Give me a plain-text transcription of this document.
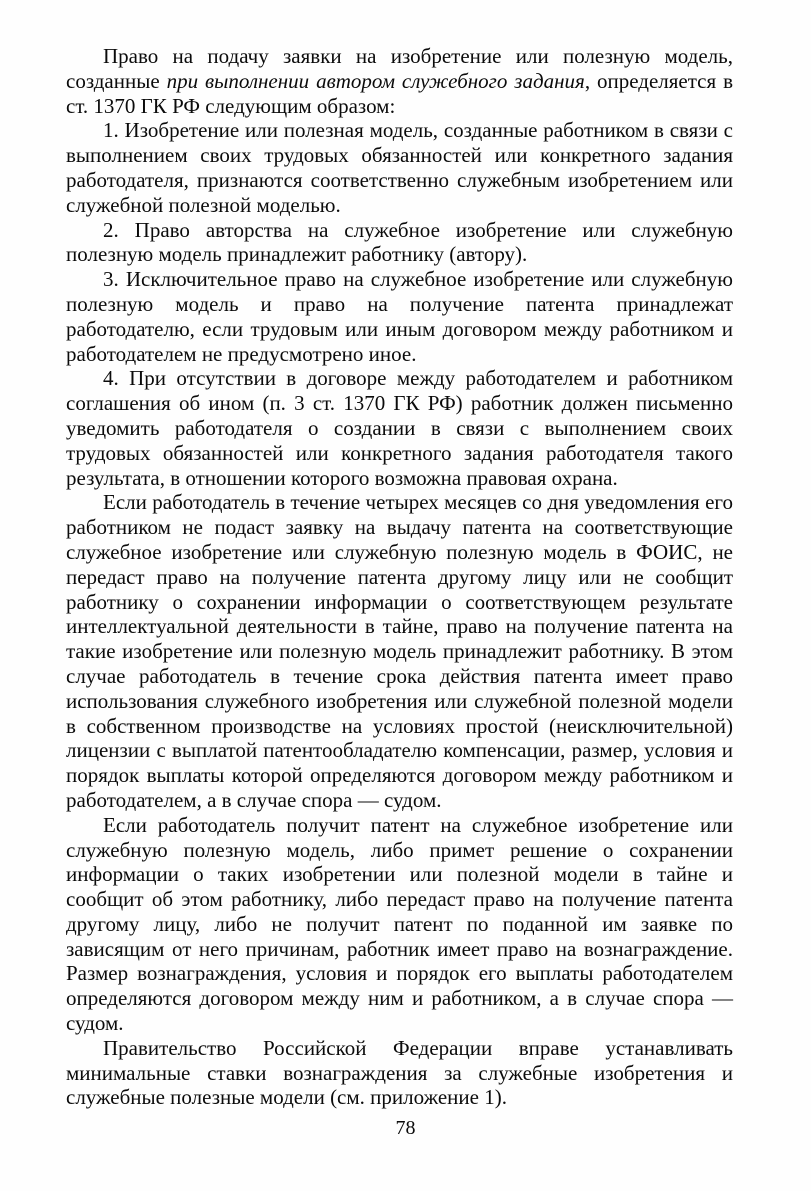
Право на подачу заявки на изобретение или полезную модель, созданные при выполнении автором служебного задания, определяется в ст. 1370 ГК РФ следующим образом:

1. Изобретение или полезная модель, созданные работником в связи с выполнением своих трудовых обязанностей или конкретного задания работодателя, признаются соответственно служебным изобретением или служебной полезной моделью.

2. Право авторства на служебное изобретение или служебную полезную модель принадлежит работнику (автору).

3. Исключительное право на служебное изобретение или служебную полезную модель и право на получение патента принадлежат работодателю, если трудовым или иным договором между работником и работодателем не предусмотрено иное.

4. При отсутствии в договоре между работодателем и работником соглашения об ином (п. 3 ст. 1370 ГК РФ) работник должен письменно уведомить работодателя о создании в связи с выполнением своих трудовых обязанностей или конкретного задания работодателя такого результата, в отношении которого возможна правовая охрана.

Если работодатель в течение четырех месяцев со дня уведомления его работником не подаст заявку на выдачу патента на соответствующие служебное изобретение или служебную полезную модель в ФОИС, не передаст право на получение патента другому лицу или не сообщит работнику о сохранении информации о соответствующем результате интеллектуальной деятельности в тайне, право на получение патента на такие изобретение или полезную модель принадлежит работнику. В этом случае работодатель в течение срока действия патента имеет право использования служебного изобретения или служебной полезной модели в собственном производстве на условиях простой (неисключительной) лицензии с выплатой патентообладателю компенсации, размер, условия и порядок выплаты которой определяются договором между работником и работодателем, а в случае спора — судом.

Если работодатель получит патент на служебное изобретение или служебную полезную модель, либо примет решение о сохранении информации о таких изобретении или полезной модели в тайне и сообщит об этом работнику, либо передаст право на получение патента другому лицу, либо не получит патент по поданной им заявке по зависящим от него причинам, работник имеет право на вознаграждение. Размер вознаграждения, условия и порядок его выплаты работодателем определяются договором между ним и работником, а в случае спора — судом.

Правительство Российской Федерации вправе устанавливать минимальные ставки вознаграждения за служебные изобретения и служебные полезные модели (см. приложение 1).

78
